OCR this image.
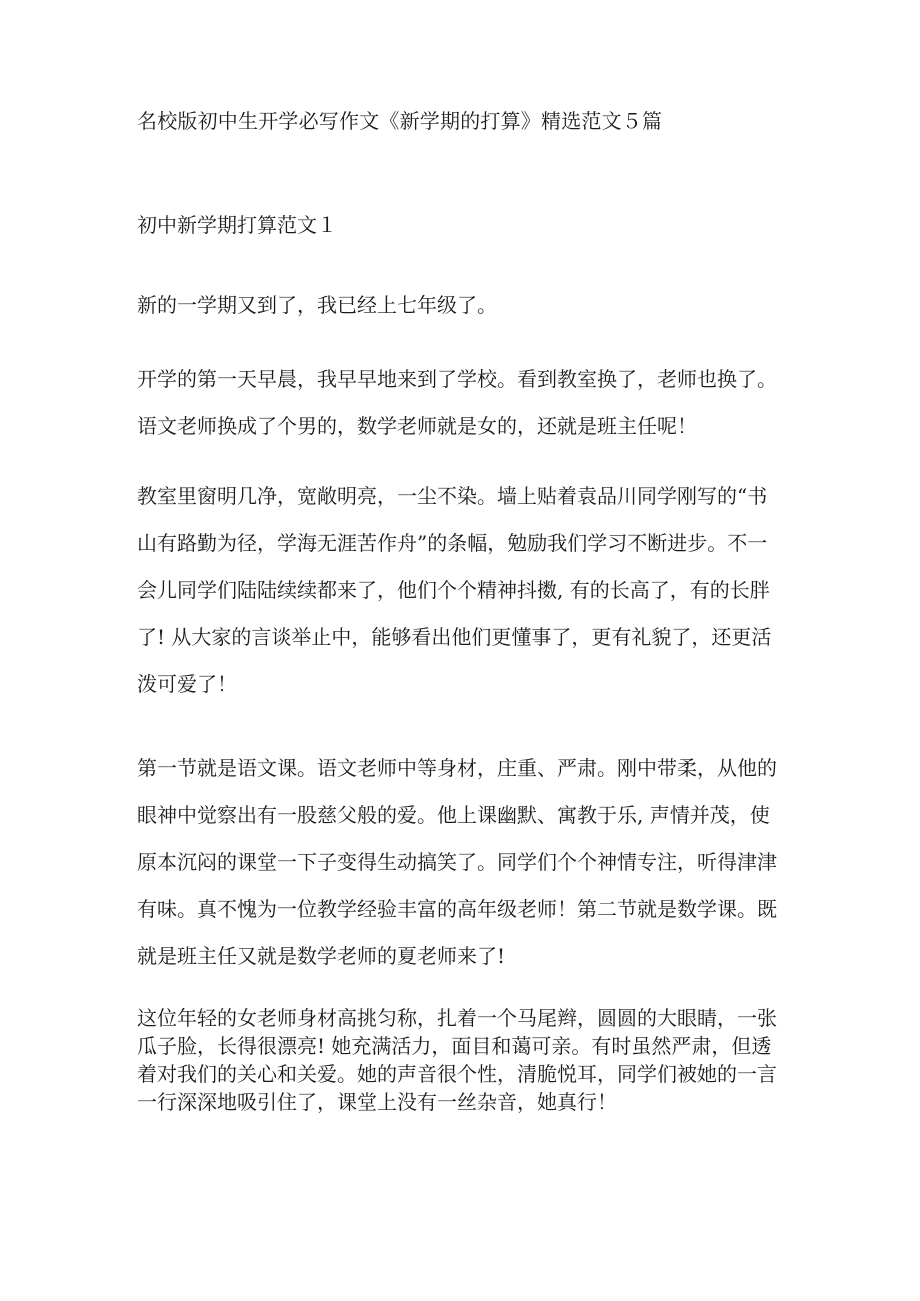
名校版初中生开学必写作文《新学期的打算》精选范文５篇
初中新学期打算范文１

新的一学期又到了，我已经上七年级了。

开学的第一天早晨，我早早地来到了学校。看到教室换了，老师也换了。语文老师换成了个男的，数学老师就是女的，还就是班主任呢！

教室里窗明几净，宽敞明亮，一尘不染。墙上贴着袁品川同学刚写的“书山有路勤为径，学海无涯苦作舟”的条幅，勉励我们学习不断进步。不一会儿同学们陆陆续续都来了，他们个个精神抖擞, 有的长高了，有的长胖了! 从大家的言谈举止中，能够看出他们更懂事了，更有礼貌了，还更活泼可爱了！

第一节就是语文课。语文老师中等身材，庄重、严肃。刚中带柔，从他的眼神中觉察出有一股慈父般的爱。他上课幽默、寓教于乐, 声情并茂，使原本沉闷的课堂一下子变得生动搞笑了。同学们个个神情专注，听得津津有味。真不愧为一位教学经验丰富的高年级老师！第二节就是数学课。既就是班主任又就是数学老师的夏老师来了!

这位年轻的女老师身材高挑匀称，扎着一个马尾辫，圆圆的大眼睛，一张瓜子脸，长得很漂亮! 她充满活力，面目和蔼可亲。有时虽然严肃，但透着对我们的关心和关爱。她的声音很个性，清脆悦耳，同学们被她的一言一行深深地吸引住了，课堂上没有一丝杂音，她真行！
